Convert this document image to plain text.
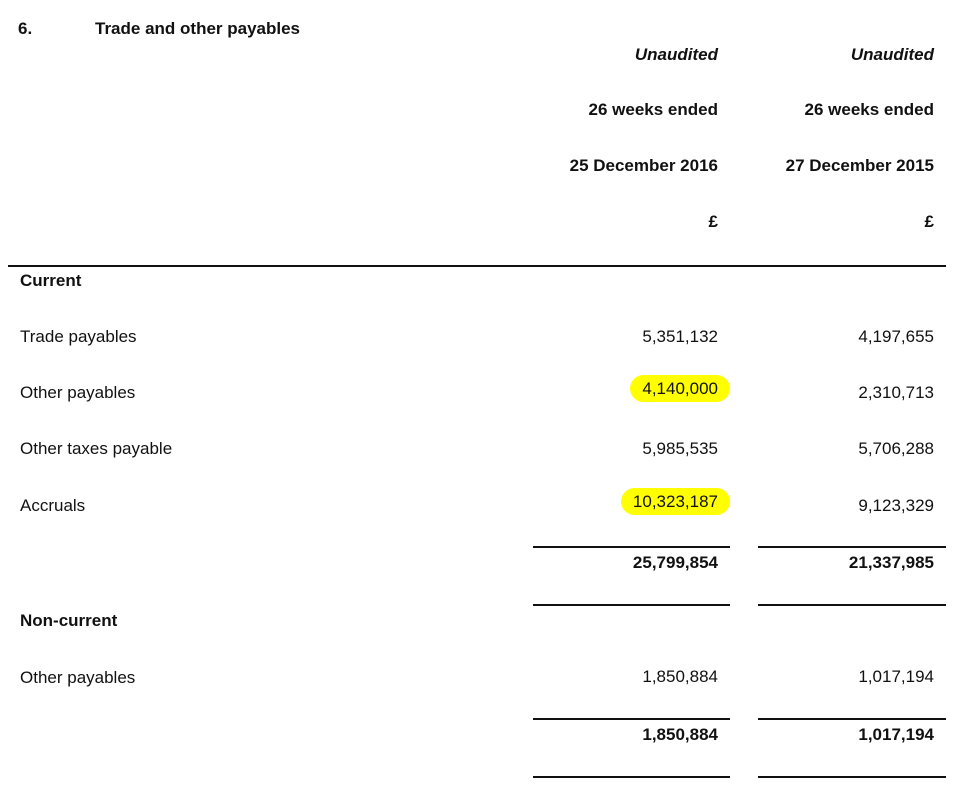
6.	Trade and other payables
Unaudited	Unaudited
26 weeks ended	26 weeks ended
25 December 2016	27 December 2015
£	£
Current
Trade payables	5,351,132	4,197,655
Other payables	4,140,000	2,310,713
Other taxes payable	5,985,535	5,706,288
Accruals	10,323,187	9,123,329
25,799,854	21,337,985
Non-current
Other payables	1,850,884	1,017,194
1,850,884	1,017,194
